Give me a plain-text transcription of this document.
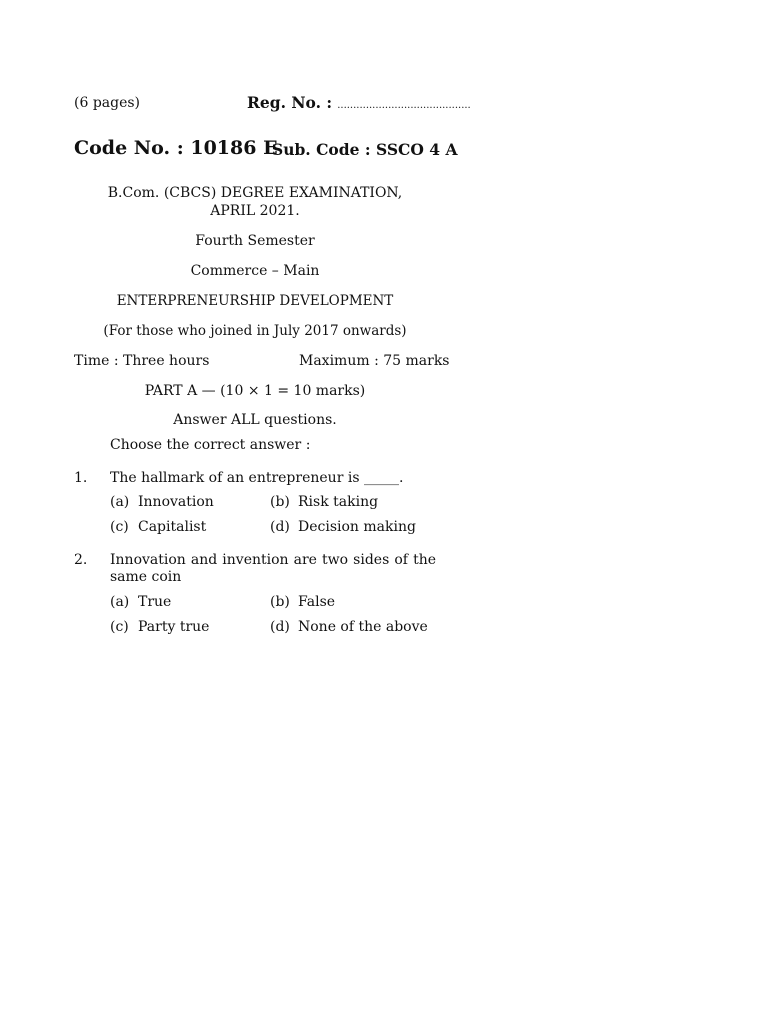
(6 pages)	Reg. No. : ..........................................
Code No. : 10186 E
Sub. Code : SSCO 4 A
B.Com. (CBCS) DEGREE EXAMINATION,
APRIL 2021.
Fourth Semester
Commerce – Main
ENTERPRENEURSHIP DEVELOPMENT
(For those who joined in July 2017 onwards)
Time : Three hours	Maximum : 75 marks
PART A — (10 × 1 = 10 marks)
Answer ALL questions.
Choose the correct answer :
1. The hallmark of an entrepreneur is _____.
(a) Innovation	(b) Risk taking
(c) Capitalist	(d) Decision making
2. Innovation and invention are two sides of the same coin
(a) True	(b) False
(c) Party true	(d) None of the above
